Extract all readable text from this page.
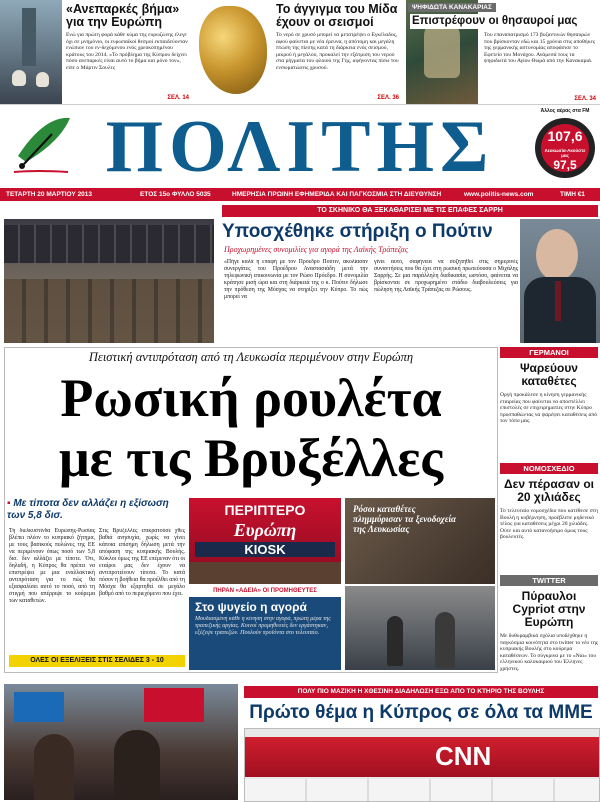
«Ανεπαρκές βήμα» για την Ευρώπη
Ενώ για πρώτη φορά κάθε κύμα της ευρωζώνης έλεγε όχι σε μνημόνιο, οι ευρωπαϊκοί θεσμοί εκπαιδεύονταν ενώπιον του εν-δεχόμενου ενός χρεοκοπημένου κράτους του 2014. «Το πρόβλημα της Κύπρου δείχνει πόσο ανεπαρκές είναι αυτό το βήμα και μόνο τον», είπε ο Μάρτιν Σουλτς
ΣΕΛ. 14
Το άγγιγμα του Μίδα έχουν οι σεισμοί
Το νερό σε χρυσό μπορεί να μετατρέψει ο Εγκέλαδος, αφού φαίνεται με νέα έρευνα, η απότομη και μεγάλη πτώση της πίεσης κατά τη διάρκεια ενός σεισμού, μικρού ή μεγάλου, προκαλεί την εξάτμιση του νερού στα ρήγματα του φλοιού της Γης, αφήνοντας πίσω του ενσωματώσεις χρυσού.
ΣΕΛ. 36
ΨΗΦΙΔΩΤΑ ΚΑΝΑΚΑΡΙΑΣ
Επιστρέφουν οι θησαυροί μας
Του επαναπατρισμό 173 βυζαντινών θησαυρών που βρίσκονταν εδώ και 15 χρόνια στις αποθήκες της γερμανικής αστυνομίας αποφάσισε το Εφετείο του Μονάχου. Ανάμεσά τους τα ψηφιδωτά του Αγίου Θωμά από την Κανακαριά.
ΣΕΛ. 34
ΠΟΛΙΤΗΣ	Άλλος αέρας στα FM
107,6
Λευκωσία-Ακούστε μας
97,5
ΤΕΤΑΡΤΗ 20 ΜΑΡΤΙΟΥ 2013	ΕΤΟΣ 15ο ΦΥΛΛΟ 5035	ΗΜΕΡΗΣΙΑ ΠΡΩΙΝΗ ΕΦΗΜΕΡΙΔΑ ΚΑΙ ΠΑΓΚΟΣΜΙΑ ΣΤΗ ΔΙΕΥΘΥΝΣΗ	www.politis-news.com	ΤΙΜΗ €1
ΤΟ ΣΚΗΝΙΚΟ ΘΑ ΞΕΚΑΘΑΡΙΣΕΙ ΜΕ ΤΙΣ ΕΠΑΦΕΣ ΣΑΡΡΗ
Υποσχέθηκε στήριξη ο Πούτιν
Προχωρημένες συνομιλίες για αγορά της Λαϊκής Τράπεζας
«Πήγε καλά η επαφή με τον Πρόεδρο Πούτιν, ακολίασαν συνεργάτες του Προέδρου Αναστασιάδη μετά την τηλεφωνική επικοινωνία με τον Ρώσο Πρόεδρο. Η συνομιλία κράτησε μισή ώρα και στη διάρκειά της ο κ. Πούτιν δήλωσε την πρόθεση της Μόσχας να στηρίξει την Κύπρο. Το πώς μπορεί να
γίνει αυτό, σαφήνεια να συζητηθεί στις σημερινές συναντήσεις που θα έχει στη ρωσική πρωτεύουσα ο Μιχάλης Σαρρής. Σε μια παράλληλη διαδικασία, ωστόσο, φαίνεται να βρίσκονται σε προχωρημένο στάδιο διαβουλεύσεις για πώληση της Λαϊκής Τράπεζας σε Ρώσους.
Πειστική αντιπρόταση από τη Λευκωσία περιμένουν στην Ευρώπη
Ρωσική ρουλέτα
με τις Βρυξέλλες
▪ Με τίποτα δεν αλλάζει η εξίσωση των 5,8 δισ.
Τη διελκυστίνδα Ευρώπης-Ρωσίας βλέπει πλέον το κυπριακό ζήτημα, με τους βασικούς πυλώνες της ΕΕ να περιμένουν όπως ποσό των 5,8 δισ. δεν αλλάζει με τίποτε. Ότι, δηλαδή, η Κύπρος θα πρέπει να επιστρέψει με μια εναλλακτική αντιπρόταση για το πώς θα εξασφαλίσει αυτό το ποσό, από τη στιγμή που απέρριψε το κούρεμα των καταθετών.
Στις Βρυξέλλες επικρατούσε χθες βαθιά ανησυχία, χωρίς να γίνει κάποια επίσημη δήλωση μετά την απόφαση της κυπριακής Βουλής. Κύκλοι όμως της ΕΕ επέμεναν ότι οι εταίροι μας δεν έχουν να αντιπροτείνουν τίποτα. Το κατά πόσον η βοήθεια θα προέλθει από τη Μόσχα θα εξαρτηθεί σε μεγάλο βαθμό από το περιεχόμενο που έχει.
ΟΛΕΣ ΟΙ ΕΞΕΛΙΞΕΙΣ ΣΤΙΣ ΣΕΛΙΔΕΣ 3 - 10
ΠΕΡΙΠΤΕΡΟ
Ευρώπη
KIOSK
Ρόσοι καταθέτες πλημμύρισαν τα ξενοδοχεία της Λευκωσίας
ΠΗΡΑΝ «ΑΔΕΙΑ» ΟΙ ΠΡΟΜΗΘΕΥΤΕΣ
Στο ψυγείο η αγορά
Μουδιασμένη κάθε η κίνηση στην αγορά, πρώτη μέρα της τραπεζικής αργίας. Κοινοί προμηθευτές δεν εργάστηκαν, εξέζεψε τραπεζών. Πουλούν προϊόντα στο τελευταίο.
ΓΕΡΜΑΝΟΙ
Ψαρεύουν καταθέτες
Οργή προκάλεσε η κίνηση γερμανικής εταιρείας που φαίνεται να αποστέλλει επιστολές σε επιχειρηματίες στην Κύπρο προσπαθώντας να ψαρέψει καταθέσεις από τον τόπο μας.
ΝΟΜΟΣΧΕΔΙΟ
Δεν πέρασαν οι 20 χιλιάδες
Το τελευταίο νομοσχέδιο που κατέθεσε στη Βουλή η κυβέρνηση, προέβλεπε μηδενικό τέλος για καταθέσεις μέχρι 20 χιλιάδες. Ούτε και αυτό κατανοήσιμο όμως τους βουλευτές.
TWITTER
Πύραυλοι Cypriot στην Ευρώπη
Με δυθυραμβικά σχόλια υποδέχθηκε η παγκόσμια κοινότητα στο twitter το νέο της κυπριακής Βουλής στο κούρεμα καταθέσεων. Το σύγκρινα με το «Ναι» του ελληνικού καλοκαιριού του Έλληνες χρήστες.
ΠΟΛΥ ΠΙΟ ΜΑΖΙΚΗ Η ΧΘΕΣΙΝΗ ΔΙΑΔΗΛΩΣΗ ΕΞΩ ΑΠΟ ΤΟ ΚΤΗΡΙΟ ΤΗΣ ΒΟΥΛΗΣ
Πρώτο θέμα η Κύπρος σε όλα τα ΜΜΕ
CNN
